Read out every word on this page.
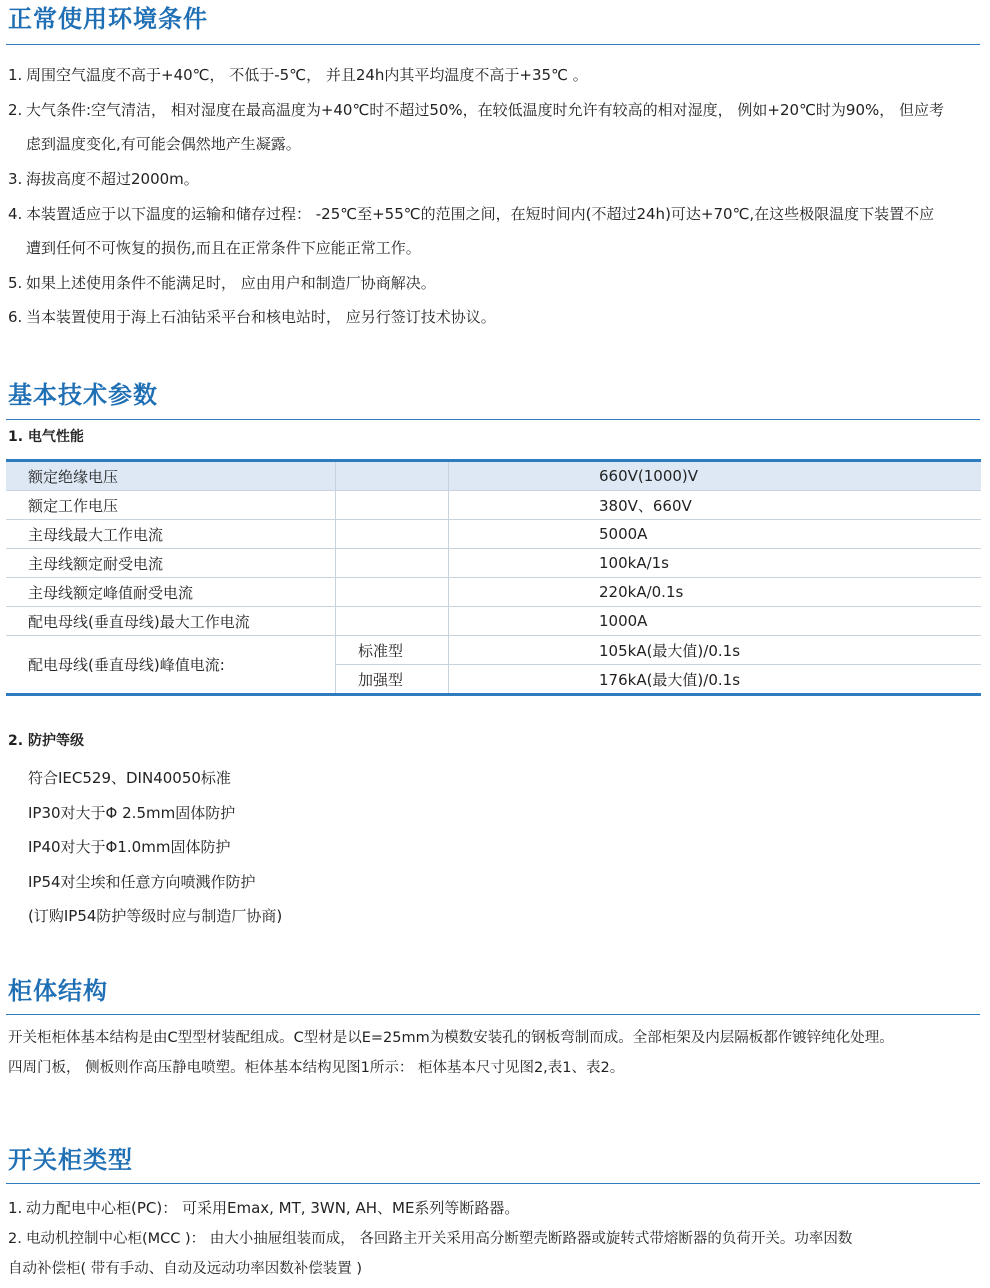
正常使用环境条件
1. 周围空气温度不高于+40℃， 不低于-5℃， 并且24h内其平均温度不高于+35℃ 。
2. 大气条件:空气清洁， 相对湿度在最高温度为+40℃时不超过50%，在较低温度时允许有较高的相对湿度， 例如+20℃时为90%， 但应考
虑到温度变化,有可能会偶然地产生凝露。
3. 海拔高度不超过2000m。
4. 本装置适应于以下温度的运输和储存过程： -25℃至+55℃的范围之间，在短时间内(不超过24h)可达+70℃,在这些极限温度下装置不应
遭到任何不可恢复的损伤,而且在正常条件下应能正常工作。
5. 如果上述使用条件不能满足时， 应由用户和制造厂协商解决。
6. 当本装置使用于海上石油钻采平台和核电站时， 应另行签订技术协议。
基本技术参数
1. 电气性能
额定绝缘电压		660V(1000)V
额定工作电压		380V、660V
主母线最大工作电流		5000A
主母线额定耐受电流		100kA/1s
主母线额定峰值耐受电流		220kA/0.1s
配电母线(垂直母线)最大工作电流		1000A
配电母线(垂直母线)峰值电流:	标准型	105kA(最大值)/0.1s
	加强型	176kA(最大值)/0.1s
2. 防护等级
符合IEC529、DIN40050标准
IP30对大于Φ 2.5mm固体防护
IP40对大于Φ1.0mm固体防护
IP54对尘埃和任意方向喷溅作防护
(订购IP54防护等级时应与制造厂协商)
柜体结构
开关柜柜体基本结构是由C型型材装配组成。C型材是以E=25mm为模数安装孔的钢板弯制而成。全部柜架及内层隔板都作镀锌纯化处理。
四周门板， 侧板则作高压静电喷塑。柜体基本结构见图1所示： 柜体基本尺寸见图2,表1、表2。
开关柜类型
1. 动力配电中心柜(PC)： 可采用Emax, MT, 3WN, AH、ME系列等断路器。
2. 电动机控制中心柜(MCC )： 由大小抽屉组装而成， 各回路主开关采用高分断塑壳断路器或旋转式带熔断器的负荷开关。功率因数
自动补偿柜( 带有手动、自动及远动功率因数补偿装置 )
